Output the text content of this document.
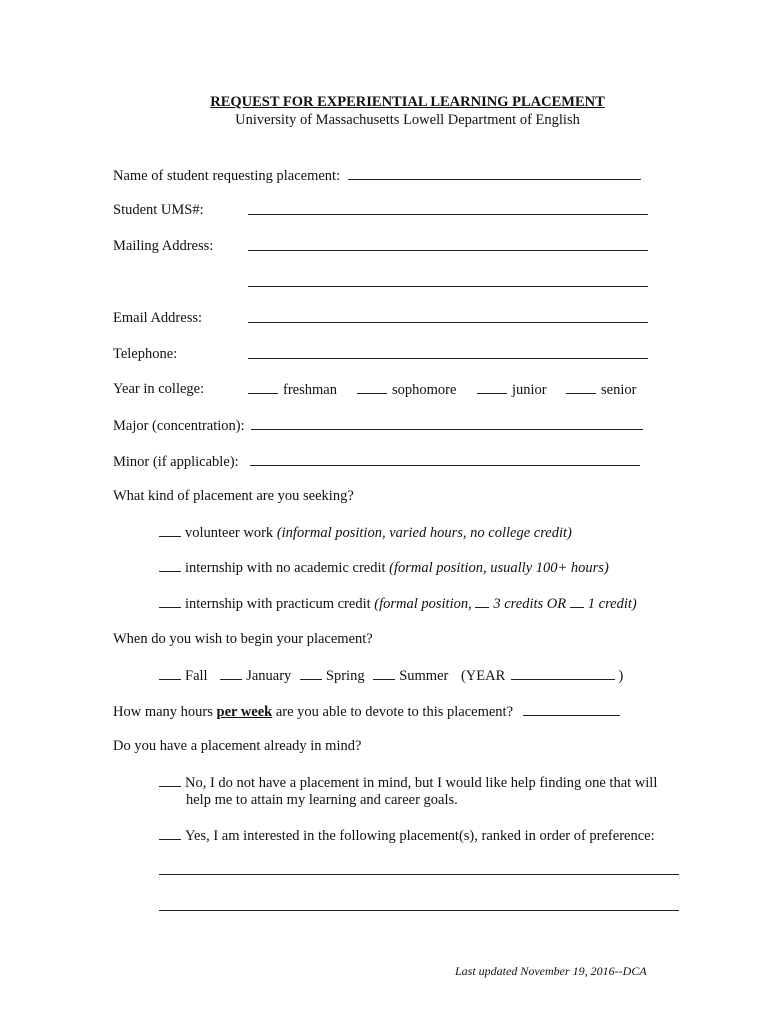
REQUEST FOR EXPERIENTIAL LEARNING PLACEMENT
University of Massachusetts Lowell Department of English
Name of student requesting placement:
Student UMS#:
Mailing Address:
Email Address:
Telephone:
Year in college:	freshman	sophomore	junior	senior
Major (concentration):
Minor (if applicable):
What kind of placement are you seeking?
volunteer work (informal position, varied hours, no college credit)
internship with no academic credit (formal position, usually 100+ hours)
internship with practicum credit (formal position, 3 credits OR 1 credit)
When do you wish to begin your placement?
Fall	January Spring Summer (YEAR	)
How many hours per week are you able to devote to this placement?
Do you have a placement already in mind?
No, I do not have a placement in mind, but I would like help finding one that will
help me to attain my learning and career goals.
Yes, I am interested in the following placement(s), ranked in order of preference:
Last updated November 19, 2016--DCA
